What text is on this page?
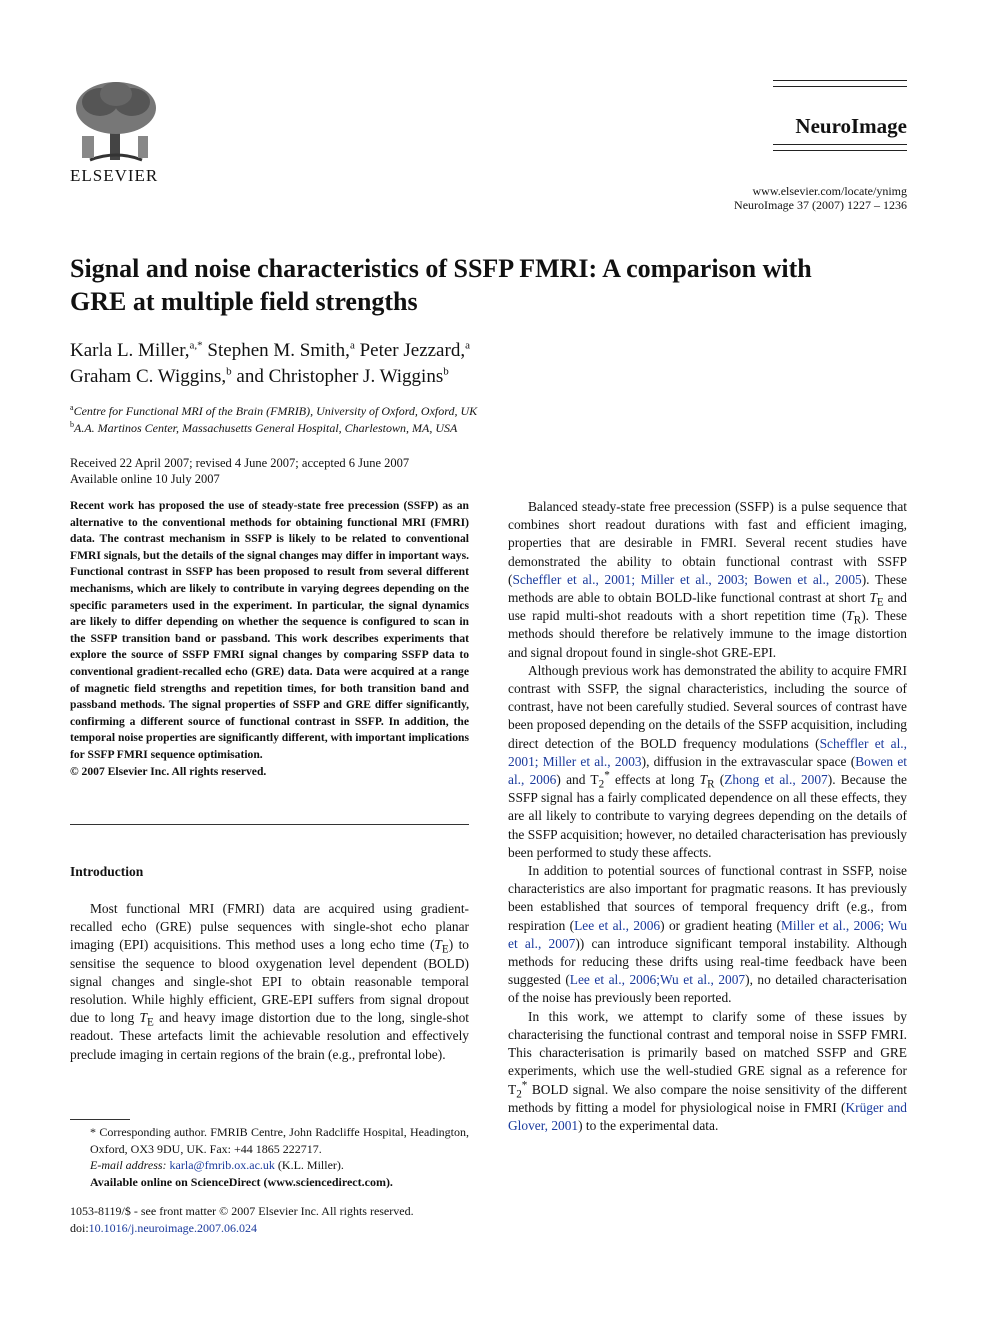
ELSEVIER
NeuroImage
www.elsevier.com/locate/ynimg
NeuroImage 37 (2007) 1227 – 1236
Signal and noise characteristics of SSFP FMRI: A comparison with GRE at multiple field strengths
Karla L. Miller,$^{a,*}$ Stephen M. Smith,$^a$ Peter Jezzard,$^a$
Graham C. Wiggins,$^b$ and Christopher J. Wiggins$^b$
$^a$Centre for Functional MRI of the Brain (FMRIB), University of Oxford, Oxford, UK
$^b$A.A. Martinos Center, Massachusetts General Hospital, Charlestown, MA, USA
Received 22 April 2007; revised 4 June 2007; accepted 6 June 2007
Available online 10 July 2007
Recent work has proposed the use of steady-state free precession (SSFP) as an alternative to the conventional methods for obtaining functional MRI (FMRI) data. The contrast mechanism in SSFP is likely to be related to conventional FMRI signals, but the details of the signal changes may differ in important ways. Functional contrast in SSFP has been proposed to result from several different mechanisms, which are likely to contribute in varying degrees depending on the specific parameters used in the experiment. In particular, the signal dynamics are likely to differ depending on whether the sequence is configured to scan in the SSFP transition band or passband. This work describes experiments that explore the source of SSFP FMRI signal changes by comparing SSFP data to conventional gradient-recalled echo (GRE) data. Data were acquired at a range of magnetic field strengths and repetition times, for both transition band and passband methods. The signal properties of SSFP and GRE differ significantly, confirming a different source of functional contrast in SSFP. In addition, the temporal noise properties are significantly different, with important implications for SSFP FMRI sequence optimisation.
© 2007 Elsevier Inc. All rights reserved.
Introduction

Most functional MRI (FMRI) data are acquired using gradient-recalled echo (GRE) pulse sequences with single-shot echo planar imaging (EPI) acquisitions. This method uses a long echo time $(T_E)$ to sensitise the sequence to blood oxygenation level dependent (BOLD) signal changes and single-shot EPI to obtain reasonable temporal resolution. While highly efficient, GRE-EPI suffers from signal dropout due to long $T_E$ and heavy image distortion due to the long, single-shot readout. These artefacts limit the achievable resolution and effectively preclude imaging in certain regions of the brain (e.g., prefrontal lobe).

Balanced steady-state free precession (SSFP) is a pulse sequence that combines short readout durations with fast and efficient imaging, properties that are desirable in FMRI. Several recent studies have demonstrated the ability to obtain functional contrast with SSFP (Scheffler et al., 2001; Miller et al., 2003; Bowen et al., 2005). These methods are able to obtain BOLD-like functional contrast at short $T_E$ and use rapid multi-shot readouts with a short repetition time $(T_R)$. These methods should therefore be relatively immune to the image distortion and signal dropout found in single-shot GRE-EPI.

Although previous work has demonstrated the ability to acquire FMRI contrast with SSFP, the signal characteristics, including the source of contrast, have not been carefully studied. Several sources of contrast have been proposed depending on the details of the SSFP acquisition, including direct detection of the BOLD frequency modulations (Scheffler et al., 2001; Miller et al., 2003), diffusion in the extravascular space (Bowen et al., 2006) and $T_2^*$ effects at long $T_R$ (Zhong et al., 2007). Because the SSFP signal has a fairly complicated dependence on all these effects, they are all likely to contribute to varying degrees depending on the details of the SSFP acquisition; however, no detailed characterisation has previously been performed to study these affects.

In addition to potential sources of functional contrast in SSFP, noise characteristics are also important for pragmatic reasons. It has previously been established that sources of temporal frequency drift (e.g., from respiration (Lee et al., 2006) or gradient heating (Miller et al., 2006; Wu et al., 2007)) can introduce significant temporal instability. Although methods for reducing these drifts using real-time feedback have been suggested (Lee et al., 2006;Wu et al., 2007), no detailed characterisation of the noise has previously been reported.

In this work, we attempt to clarify some of these issues by characterising the functional contrast and temporal noise in SSFP FMRI. This characterisation is primarily based on matched SSFP and GRE experiments, which use the well-studied GRE signal as a reference for $T_2^*$ BOLD signal. We also compare the noise sensitivity of the different methods by fitting a model for physiological noise in FMRI (Krüger and Glover, 2001) to the experimental data.

* Corresponding author. FMRIB Centre, John Radcliffe Hospital, Headington, Oxford, OX3 9DU, UK. Fax: +44 1865 222717.
E-mail address: karla@fmrib.ox.ac.uk (K.L. Miller).
Available online on ScienceDirect (www.sciencedirect.com).
1053-8119/$ - see front matter © 2007 Elsevier Inc. All rights reserved.
doi:10.1016/j.neuroimage.2007.06.024
